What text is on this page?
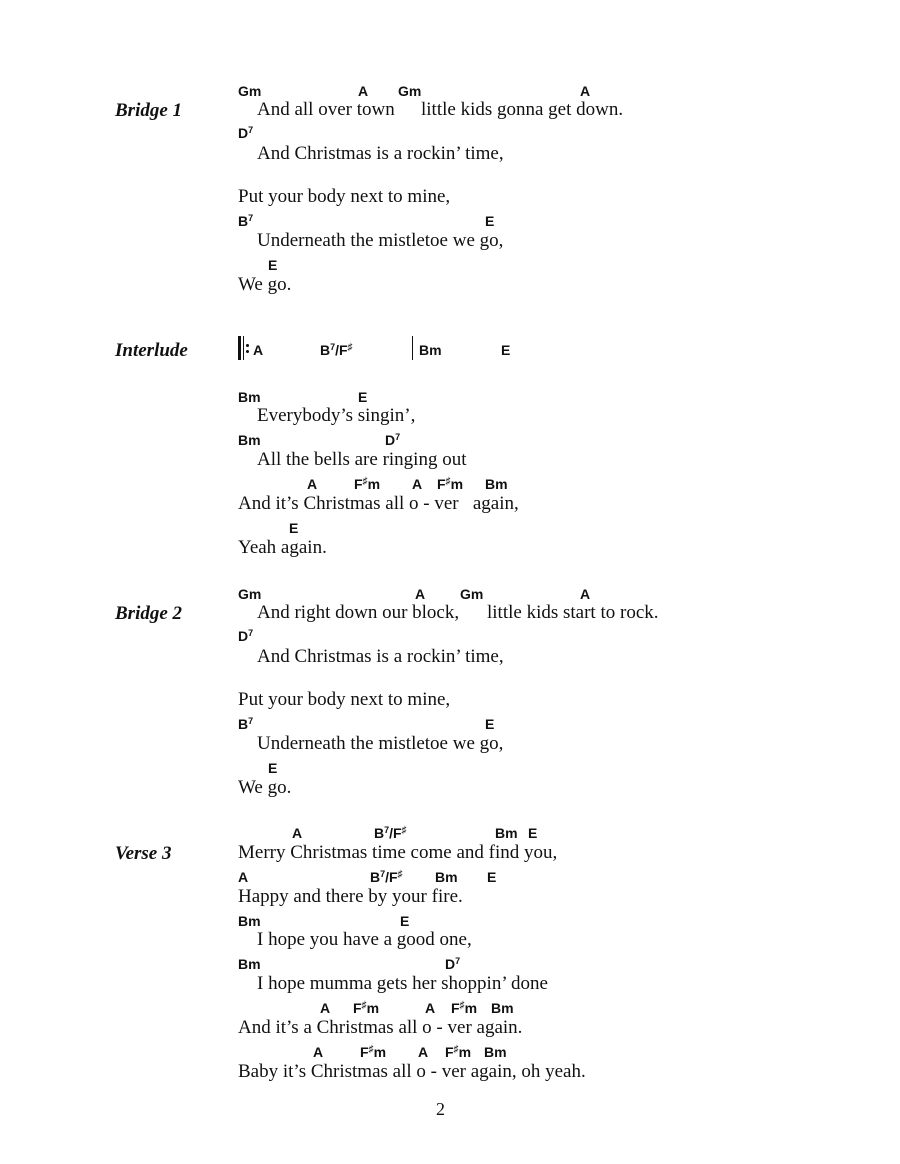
Bridge 1
Gm	A Gm	A
And all over town little kids gonna get down.
$D^7$
And Christmas is a rockin’ time,
Put your body next to mine,
$B^7$	E
Underneath the mistletoe we go,
E
We go.
Interlude	A	$B^7/F^♯$	Bm	E
Bm	E
Everybody’s singin’,
Bm	$D^7$
All the bells are ringing out
A	F♯m A F♯m Bm
And it’s Christmas all o - ver   again,
E
Yeah again.
Bridge 2
Gm	A Gm	A
And right down our block, little kids start to rock.
$D^7$
And Christmas is a rockin’ time,
Put your body next to mine,
$B^7$	E
Underneath the mistletoe we go,
E
We go.
Verse 3
A	$B^7/F^♯$	Bm E
Merry Christmas time come and find you,
A	$B^7/F^♯$ Bm E
Happy and there by your fire.
Bm	E
I hope you have a good one,
Bm	$D^7$
I hope mumma gets her shoppin’ done
A F♯m	A F♯m Bm
And it’s a Christmas all o - ver again.
A	F♯m A F♯m Bm
Baby it’s Christmas all o - ver again, oh yeah.
2
